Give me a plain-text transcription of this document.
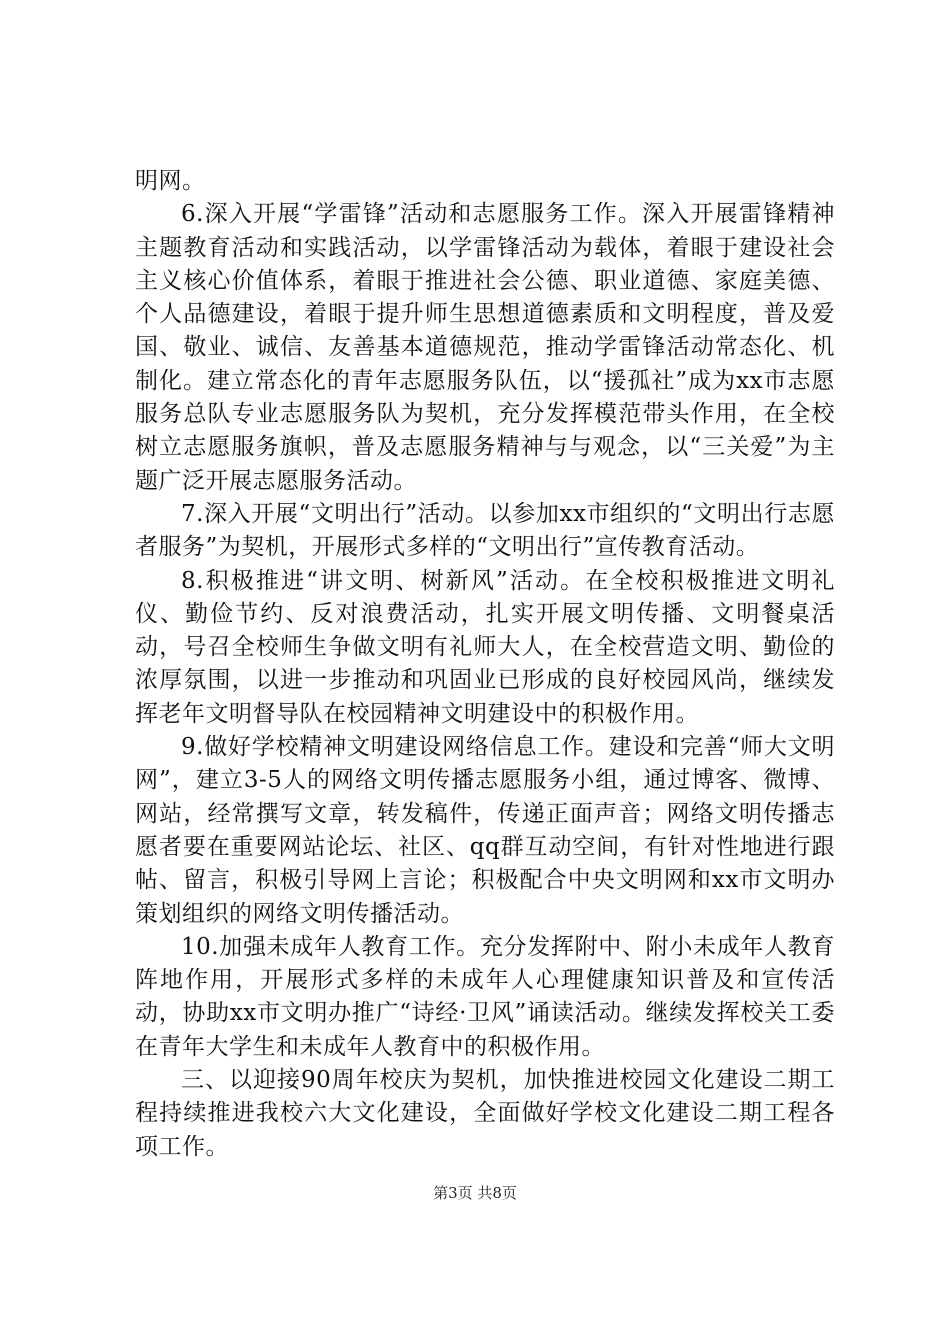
明网。

6.深入开展“学雷锋”活动和志愿服务工作。深入开展雷锋精神主题教育活动和实践活动，以学雷锋活动为载体，着眼于建设社会主义核心价值体系，着眼于推进社会公德、职业道德、家庭美德、个人品德建设，着眼于提升师生思想道德素质和文明程度，普及爱国、敬业、诚信、友善基本道德规范，推动学雷锋活动常态化、机制化。建立常态化的青年志愿服务队伍，以“援孤社”成为xx市志愿服务总队专业志愿服务队为契机，充分发挥模范带头作用，在全校树立志愿服务旗帜，普及志愿服务精神与与观念，以“三关爱”为主题广泛开展志愿服务活动。

7.深入开展“文明出行”活动。以参加xx市组织的“文明出行志愿者服务”为契机，开展形式多样的“文明出行”宣传教育活动。

8.积极推进“讲文明、树新风”活动。在全校积极推进文明礼仪、勤俭节约、反对浪费活动，扎实开展文明传播、文明餐桌活动，号召全校师生争做文明有礼师大人，在全校营造文明、勤俭的浓厚氛围，以进一步推动和巩固业已形成的良好校园风尚，继续发挥老年文明督导队在校园精神文明建设中的积极作用。

9.做好学校精神文明建设网络信息工作。建设和完善“师大文明网”，建立3-5人的网络文明传播志愿服务小组，通过博客、微博、网站，经常撰写文章，转发稿件，传递正面声音；网络文明传播志愿者要在重要网站论坛、社区、qq群互动空间，有针对性地进行跟帖、留言，积极引导网上言论；积极配合中央文明网和xx市文明办策划组织的网络文明传播活动。

10.加强未成年人教育工作。充分发挥附中、附小未成年人教育阵地作用，开展形式多样的未成年人心理健康知识普及和宣传活动，协助xx市文明办推广“诗经·卫风”诵读活动。继续发挥校关工委在青年大学生和未成年人教育中的积极作用。

三、以迎接90周年校庆为契机，加快推进校园文化建设二期工程持续推进我校六大文化建设，全面做好学校文化建设二期工程各项工作。

第3页 共8页
